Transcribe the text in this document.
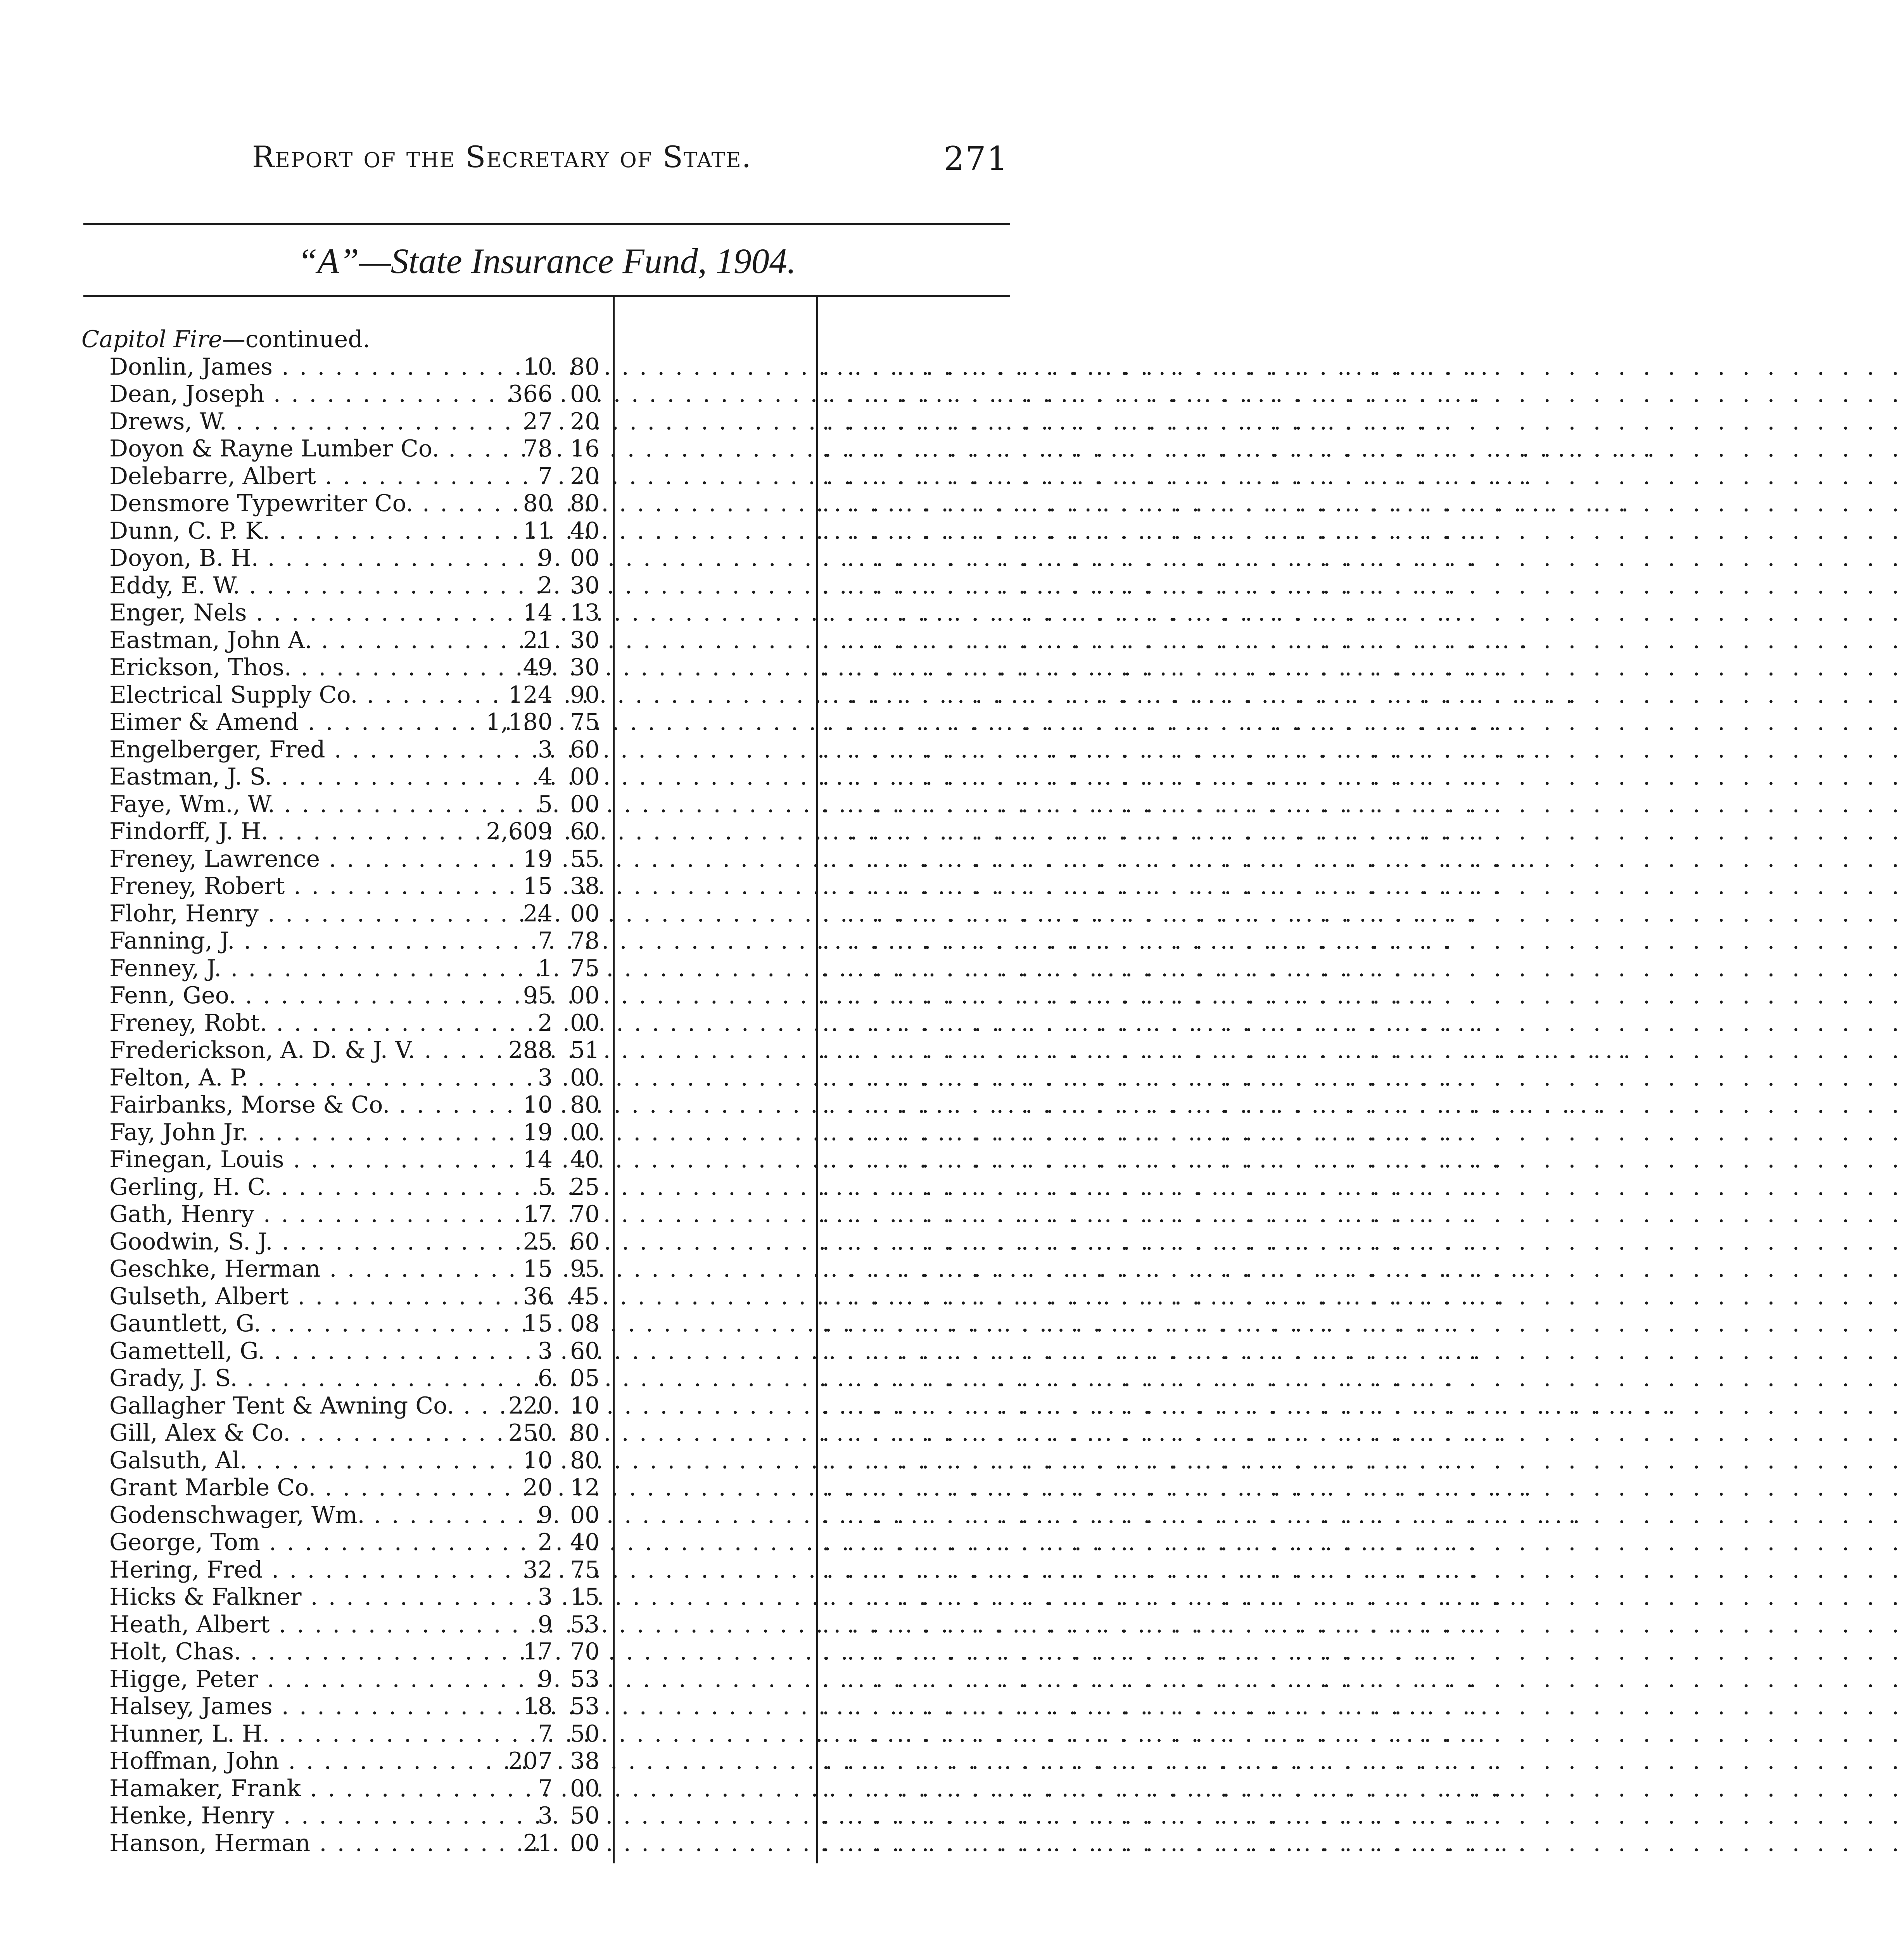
Report of the Secretary of State.	271
“A”—State Insurance Fund, 1904.
Capitol Fire—continued.
Donlin, James . . .	10 80	. . . . . . . . . . . . . . . . . . . . . . . . . . . . . . . . . . . . . . . . . . . .
Dean, Joseph . . .	366 00	. . . . . . . . . . . . . . . . . . . . . . . . . . . . . . . . . . . . . . . . . . . .
Drews, W. . . .	27 20	. . . . . . . . . . . . . . . . . . . . . . . . . . . . . . . . . . . . . . . . . . . .
Doyon & Rayne Lumber Co. . . .	78 16	. . . . . . . . . . . . . . . . . . . . . . . . . . . . . . . . . . . . . . . . . . . .
Delebarre, Albert . . .	7 20	. . . . . . . . . . . . . . . . . . . . . . . . . . . . . . . . . . . . . . . . . . . .
Densmore Typewriter Co. . . .	80 80	. . . . . . . . . . . . . . . . . . . . . . . . . . . . . . . . . . . . . . . . . . . .
Dunn, C. P. K. . . .	11 40	. . . . . . . . . . . . . . . . . . . . . . . . . . . . . . . . . . . . . . . . . . . .
Doyon, B. H. . . .	9 00	. . . . . . . . . . . . . . . . . . . . . . . . . . . . . . . . . . . . . . . . . . . .
Eddy, E. W. . . .	2 30	. . . . . . . . . . . . . . . . . . . . . . . . . . . . . . . . . . . . . . . . . . . .
Enger, Nels . . .	14 13	. . . . . . . . . . . . . . . . . . . . . . . . . . . . . . . . . . . . . . . . . . . .
Eastman, John A. . . .	21 30	. . . . . . . . . . . . . . . . . . . . . . . . . . . . . . . . . . . . . . . . . . . .
Erickson, Thos. . . .	49 30	. . . . . . . . . . . . . . . . . . . . . . . . . . . . . . . . . . . . . . . . . . . .
Electrical Supply Co. . . .	124 90	. . . . . . . . . . . . . . . . . . . . . . . . . . . . . . . . . . . . . . . . . . . .
Eimer & Amend . . .	1,180 75	. . . . . . . . . . . . . . . . . . . . . . . . . . . . . . . . . . . . . . . . . . . .
Engelberger, Fred . . .	3 60	. . . . . . . . . . . . . . . . . . . . . . . . . . . . . . . . . . . . . . . . . . . .
Eastman, J. S. . . .	4 00	. . . . . . . . . . . . . . . . . . . . . . . . . . . . . . . . . . . . . . . . . . . .
Faye, Wm., W. . . .	5 00	. . . . . . . . . . . . . . . . . . . . . . . . . . . . . . . . . . . . . . . . . . . .
Findorff, J. H. . . .	2,609 60	. . . . . . . . . . . . . . . . . . . . . . . . . . . . . . . . . . . . . . . . . . . .
Freney, Lawrence . . .	19 55	. . . . . . . . . . . . . . . . . . . . . . . . . . . . . . . . . . . . . . . . . . . .
Freney, Robert . . .	15 38	. . . . . . . . . . . . . . . . . . . . . . . . . . . . . . . . . . . . . . . . . . . .
Flohr, Henry . . .	24 00	. . . . . . . . . . . . . . . . . . . . . . . . . . . . . . . . . . . . . . . . . . . .
Fanning, J. . . .	7 78	. . . . . . . . . . . . . . . . . . . . . . . . . . . . . . . . . . . . . . . . . . . .
Fenney, J. . . .	1 75	. . . . . . . . . . . . . . . . . . . . . . . . . . . . . . . . . . . . . . . . . . . .
Fenn, Geo. . . .	95 00	. . . . . . . . . . . . . . . . . . . . . . . . . . . . . . . . . . . . . . . . . . . .
Freney, Robt. . . .	2 00	. . . . . . . . . . . . . . . . . . . . . . . . . . . . . . . . . . . . . . . . . . . .
Frederickson, A. D. & J. V. . . .	288 51	. . . . . . . . . . . . . . . . . . . . . . . . . . . . . . . . . . . . . . . . . . . .
Felton, A. P. . . .	3 00	. . . . . . . . . . . . . . . . . . . . . . . . . . . . . . . . . . . . . . . . . . . .
Fairbanks, Morse & Co. . . .	10 80	. . . . . . . . . . . . . . . . . . . . . . . . . . . . . . . . . . . . . . . . . . . .
Fay, John Jr. . . .	19 00	. . . . . . . . . . . . . . . . . . . . . . . . . . . . . . . . . . . . . . . . . . . .
Finegan, Louis . . .	14 40	. . . . . . . . . . . . . . . . . . . . . . . . . . . . . . . . . . . . . . . . . . . .
Gerling, H. C. . . .	5 25	. . . . . . . . . . . . . . . . . . . . . . . . . . . . . . . . . . . . . . . . . . . .
Gath, Henry . . .	17 70	. . . . . . . . . . . . . . . . . . . . . . . . . . . . . . . . . . . . . . . . . . . .
Goodwin, S. J. . . .	25 60	. . . . . . . . . . . . . . . . . . . . . . . . . . . . . . . . . . . . . . . . . . . .
Geschke, Herman . . .	15 95	. . . . . . . . . . . . . . . . . . . . . . . . . . . . . . . . . . . . . . . . . . . .
Gulseth, Albert . . .	36 45	. . . . . . . . . . . . . . . . . . . . . . . . . . . . . . . . . . . . . . . . . . . .
Gauntlett, G. . . .	15 08	. . . . . . . . . . . . . . . . . . . . . . . . . . . . . . . . . . . . . . . . . . . .
Gamettell, G. . . .	3 60	. . . . . . . . . . . . . . . . . . . . . . . . . . . . . . . . . . . . . . . . . . . .
Grady, J. S. . . .	6 05	. . . . . . . . . . . . . . . . . . . . . . . . . . . . . . . . . . . . . . . . . . . .
Gallagher Tent & Awning Co. . . .	220 10	. . . . . . . . . . . . . . . . . . . . . . . . . . . . . . . . . . . . . . . . . . . .
Gill, Alex & Co. . . .	250 80	. . . . . . . . . . . . . . . . . . . . . . . . . . . . . . . . . . . . . . . . . . . .
Galsuth, Al. . . .	10 80	. . . . . . . . . . . . . . . . . . . . . . . . . . . . . . . . . . . . . . . . . . . .
Grant Marble Co. . . .	20 12	. . . . . . . . . . . . . . . . . . . . . . . . . . . . . . . . . . . . . . . . . . . .
Godenschwager, Wm. . . .	9 00	. . . . . . . . . . . . . . . . . . . . . . . . . . . . . . . . . . . . . . . . . . . .
George, Tom . . .	2 40	. . . . . . . . . . . . . . . . . . . . . . . . . . . . . . . . . . . . . . . . . . . .
Hering, Fred . . .	32 75	. . . . . . . . . . . . . . . . . . . . . . . . . . . . . . . . . . . . . . . . . . . .
Hicks & Falkner . . .	3 15	. . . . . . . . . . . . . . . . . . . . . . . . . . . . . . . . . . . . . . . . . . . .
Heath, Albert . . .	9 53	. . . . . . . . . . . . . . . . . . . . . . . . . . . . . . . . . . . . . . . . . . . .
Holt, Chas. . . .	17 70	. . . . . . . . . . . . . . . . . . . . . . . . . . . . . . . . . . . . . . . . . . . .
Higge, Peter . . .	9 53	. . . . . . . . . . . . . . . . . . . . . . . . . . . . . . . . . . . . . . . . . . . .
Halsey, James . . .	18 53	. . . . . . . . . . . . . . . . . . . . . . . . . . . . . . . . . . . . . . . . . . . .
Hunner, L. H. . . .	7 50	. . . . . . . . . . . . . . . . . . . . . . . . . . . . . . . . . . . . . . . . . . . .
Hoffman, John . . .	207 38	. . . . . . . . . . . . . . . . . . . . . . . . . . . . . . . . . . . . . . . . . . . .
Hamaker, Frank . . .	7 00	. . . . . . . . . . . . . . . . . . . . . . . . . . . . . . . . . . . . . . . . . . . .
Henke, Henry . . .	3 50	. . . . . . . . . . . . . . . . . . . . . . . . . . . . . . . . . . . . . . . . . . . .
Hanson, Herman . . .	21 00	. . . . . . . . . . . . . . . . . . . . . . . . . . . . . . . . . . . . . . . . . . . .
